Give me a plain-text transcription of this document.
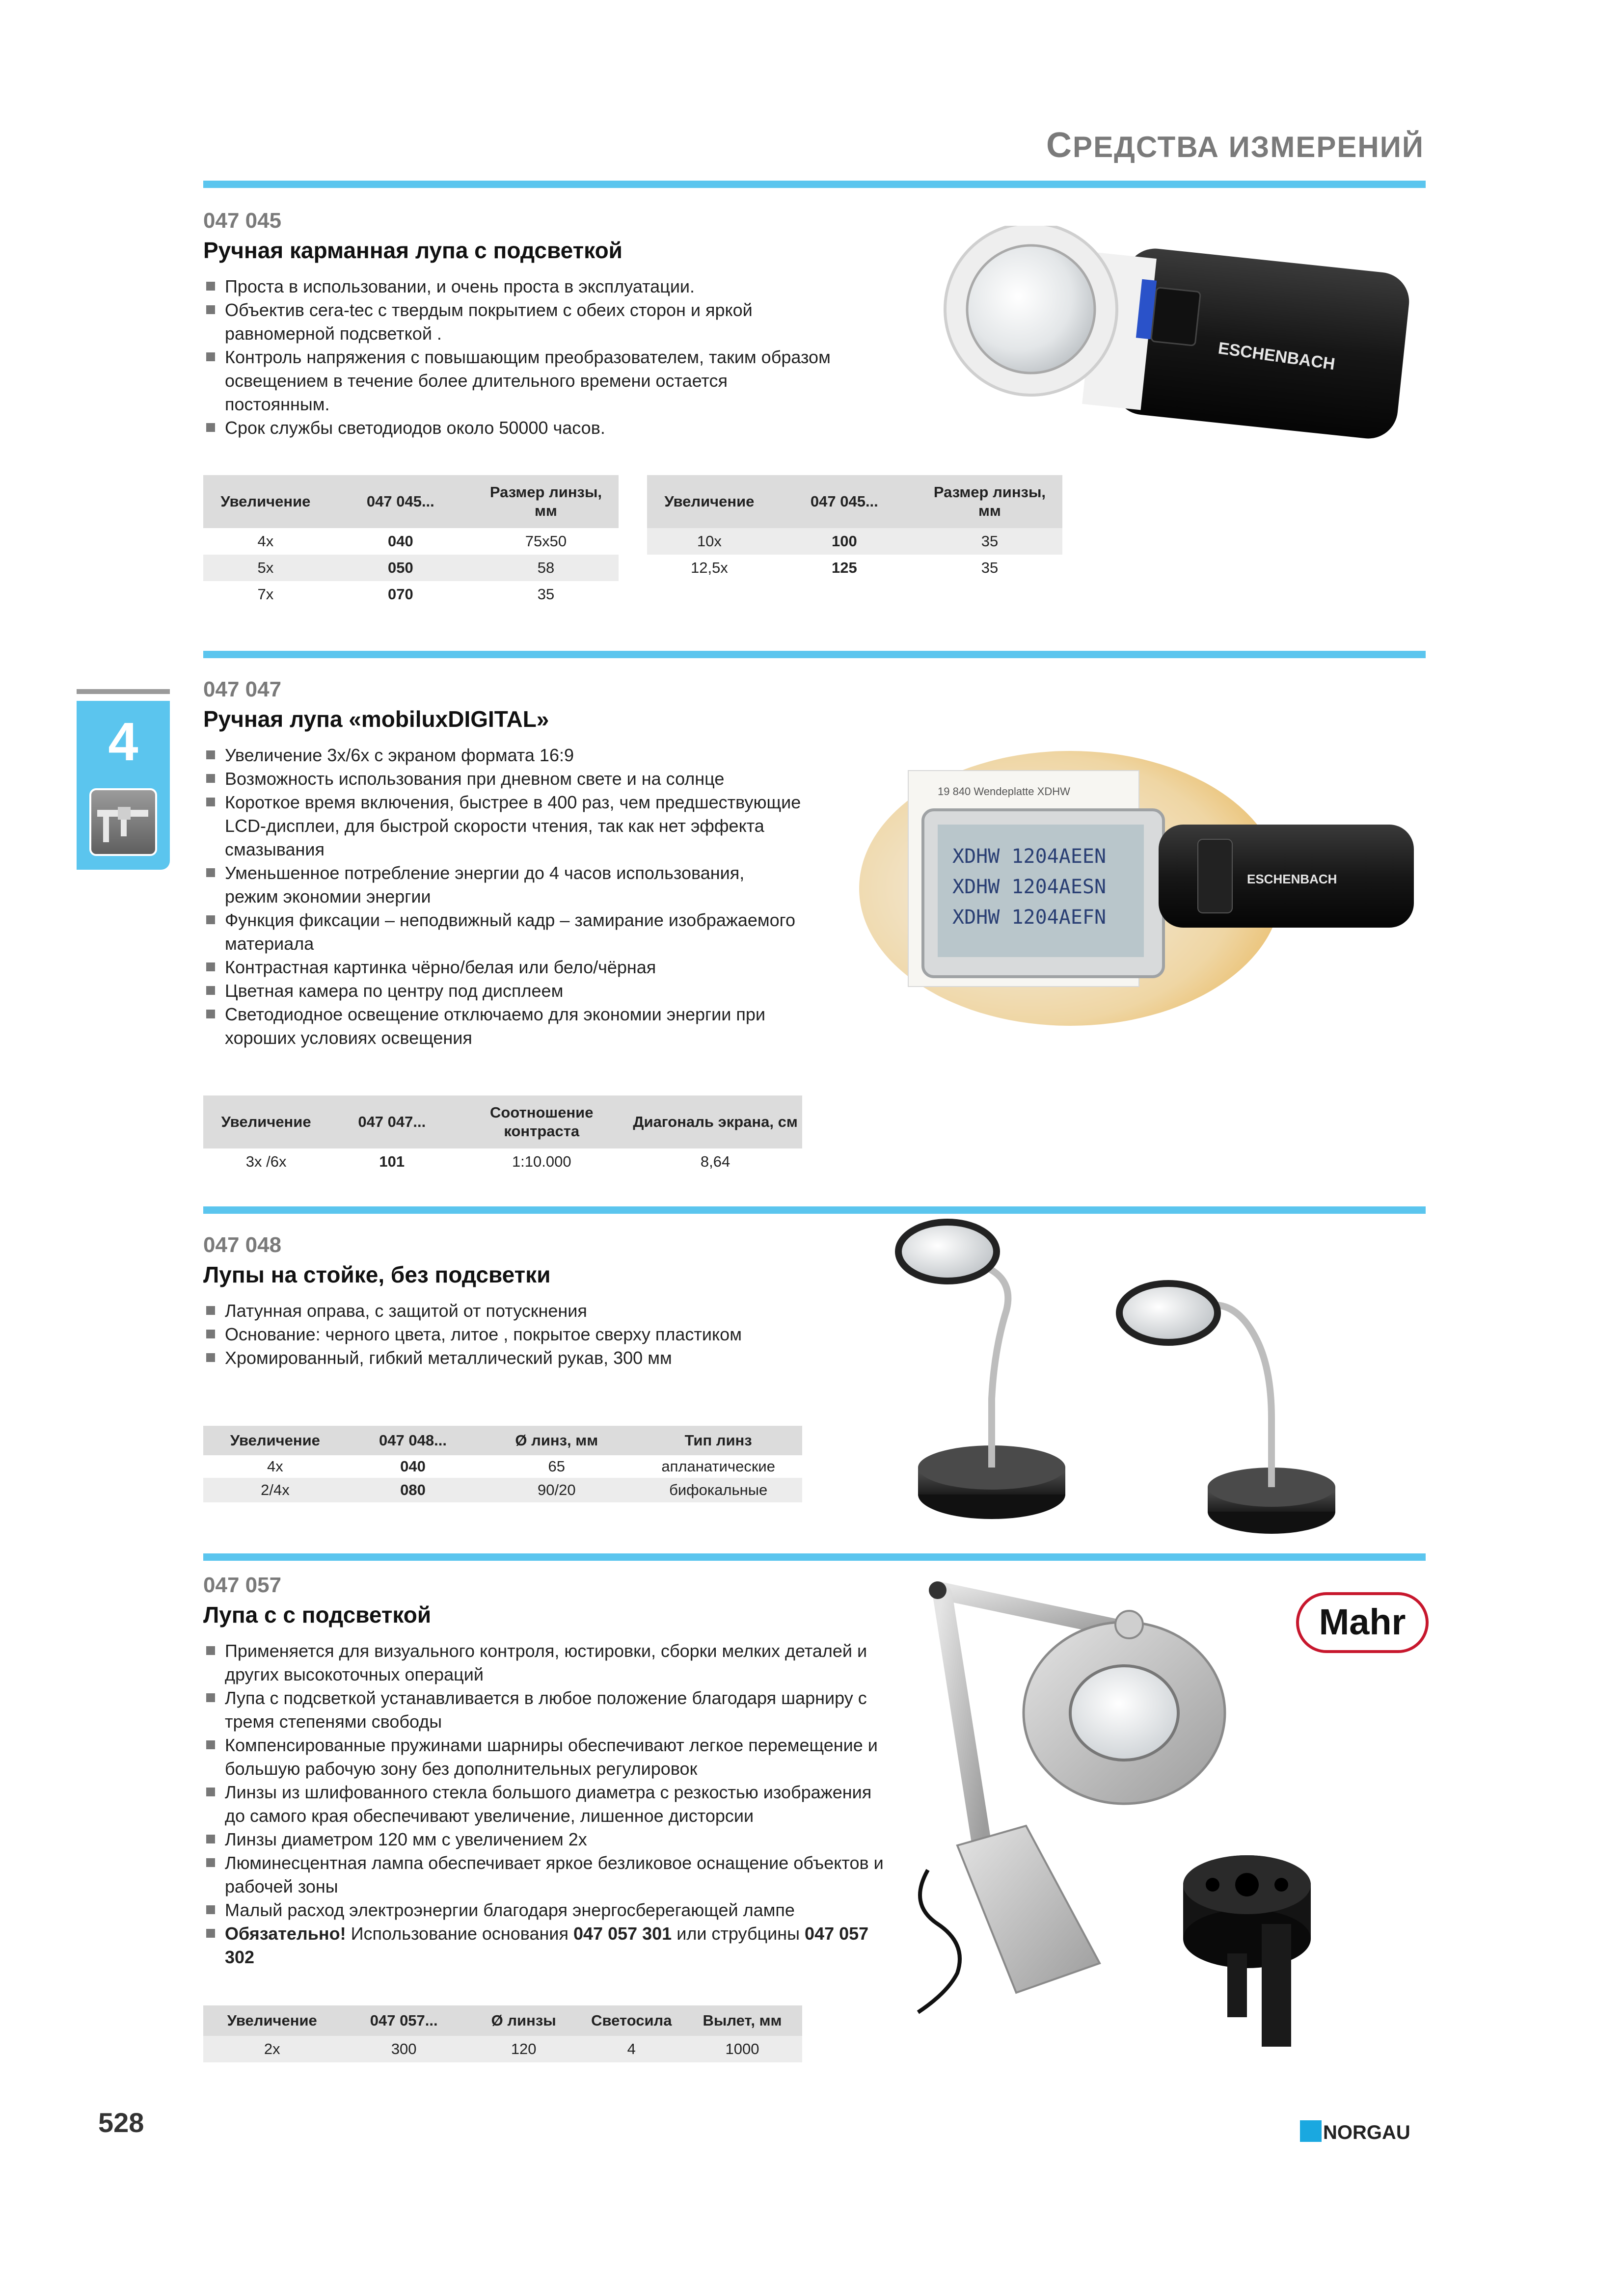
СРЕДСТВА ИЗМЕРЕНИЙ
4
047 045
Ручная карманная лупа с подсветкой
Проста в использовании, и очень проста в эксплуатации.
Объектив cera-tec с твердым покрытием с обеих сторон и яркой равномерной подсветкой .
Контроль напряжения с повышающим преобразователем, таким образом освещением в течение более длительного времени остается постоянным.
Срок службы светодиодов около 50000 часов.
ESCHENBACH
Увеличение	047 045...	Размер линзы, мм
4x	040	75x50
5x	050	58
7x	070	35
Увеличение	047 045...	Размер линзы, мм
10x	100	35
12,5x	125	35
047 047
Ручная лупа «mobiluxDIGITAL»
Увеличение 3x/6x с экраном формата 16:9
Возможность использования при дневном свете и на солнце
Короткое время включения, быстрее в 400 раз, чем предшествующие LCD-дисплеи, для быстрой скорости чтения, так как нет эффекта смазывания
Уменьшенное потребление энергии до 4 часов использования, режим экономии энергии
Функция фиксации – неподвижный кадр – замирание изображаемого материала
Контрастная картинка чёрно/белая или бело/чёрная
Цветная камера по центру под дисплеем
Светодиодное освещение отключаемо для экономии энергии при хороших условиях освещения
19 840 Wendeplatte XDHW
XDHW 1204AEEN
XDHW 1204AESN
XDHW 1204AEFN
ESCHENBACH
Увеличение	047 047...	Соотношение контраста	Диагональ экрана, см
3x /6x	101	1:10.000	8,64
047 048
Лупы на стойке, без подсветки
Латунная оправа, с защитой от потускнения
Основание: черного цвета, литое , покрытое сверху пластиком
Хромированный, гибкий металлический рукав, 300 мм
Увеличение	047 048...	Ø линз, мм	Тип линз
4x	040	65	апланатические
2/4x	080	90/20	бифокальные
047 057
Лупа с с подсветкой
Применяется для визуального контроля, юстировки, сборки мелких деталей и других высокоточных операций
Лупа с подсветкой устанавливается в любое положение благодаря шарниру с тремя степенями свободы
Компенсированные пружинами шарниры обеспечивают легкое перемещение и большую рабочую зону без дополнительных регулировок
Линзы из шлифованного стекла большого диаметра с резкостью изображения до самого края обеспечивают увеличение, лишенное дисторсии
Линзы диаметром 120 мм с увеличением 2x
Люминесцентная лампа обеспечивает яркое безликовое оснащение объектов и рабочей зоны
Малый расход электроэнергии благодаря энергосберегающей лампе
Обязательно! Использование основания 047 057 301 или струбцины 047 057 302
Mahr
Увеличение	047 057...	Ø линзы	Светосила	Вылет, мм
2x	300	120	4	1000
528	NORGAU
